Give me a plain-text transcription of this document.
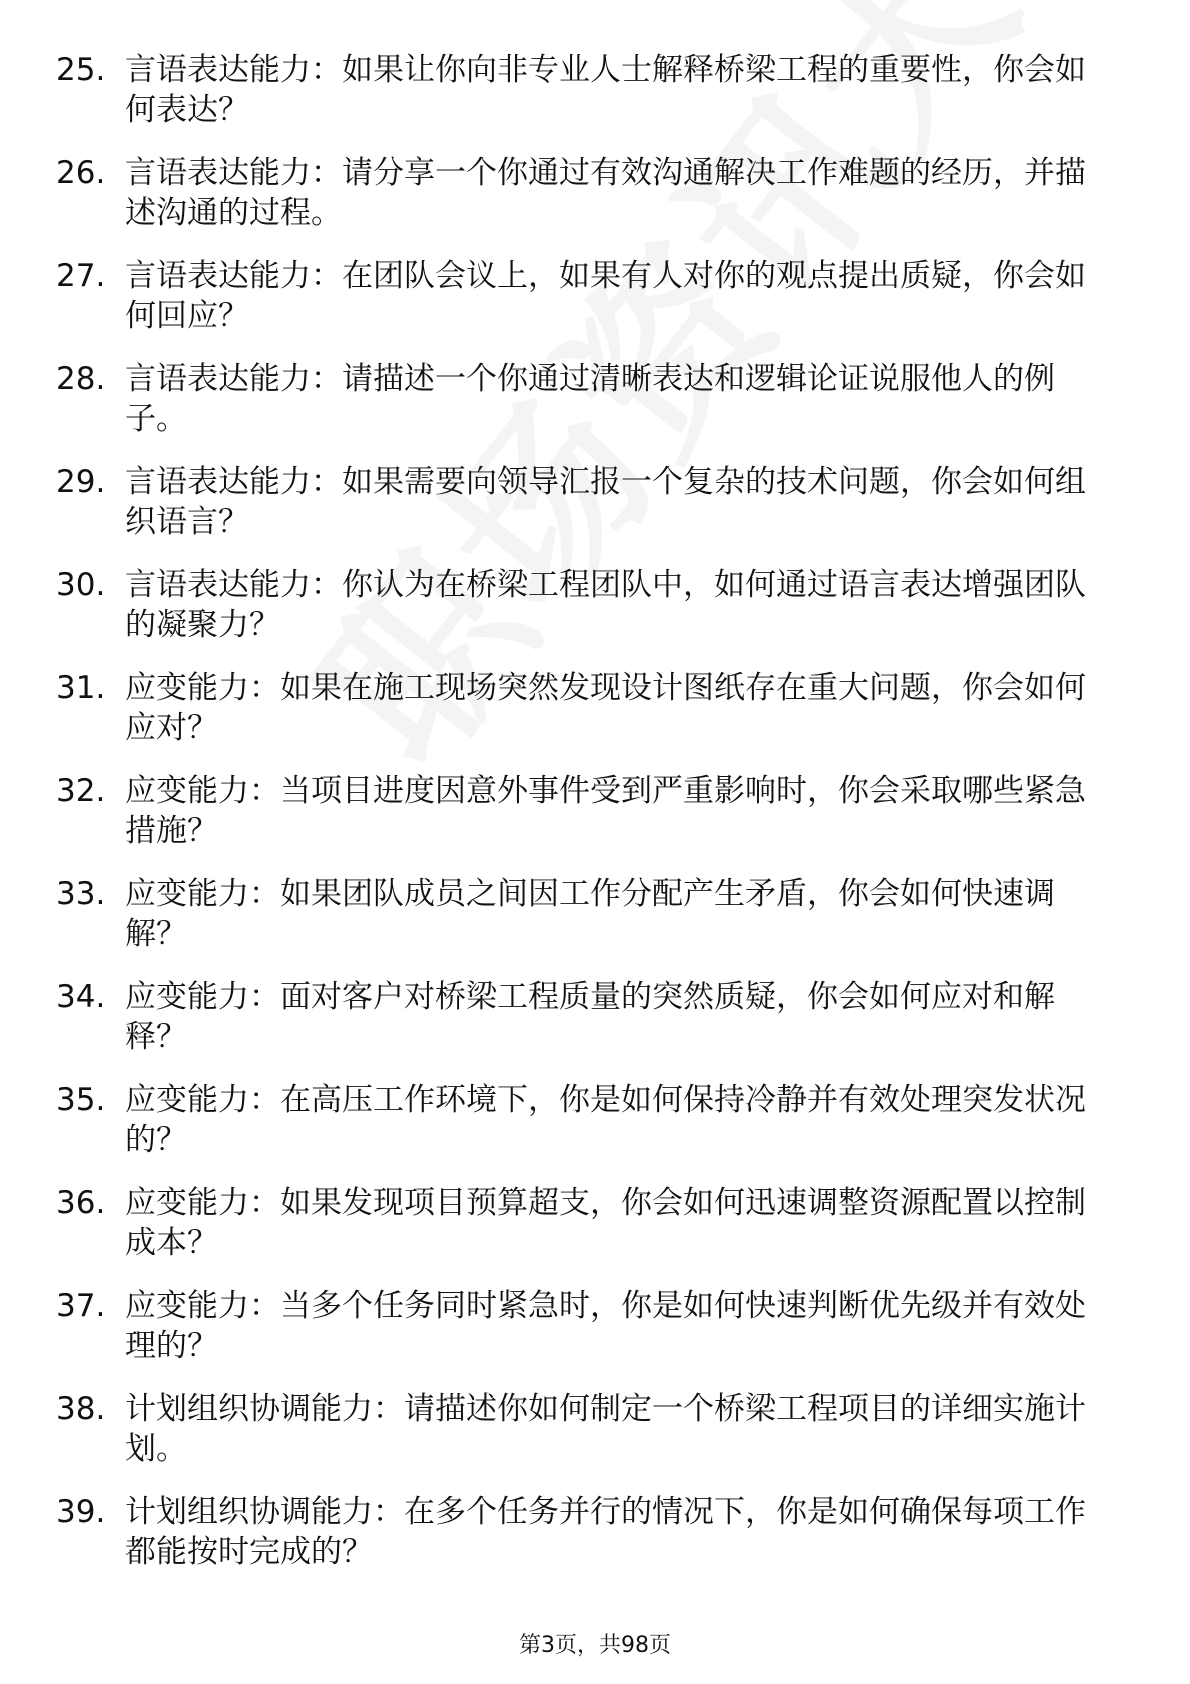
25. 言语表达能力：如果让你向非专业人士解释桥梁工程的重要性，你会如何表达？
26. 言语表达能力：请分享一个你通过有效沟通解决工作难题的经历，并描述沟通的过程。
27. 言语表达能力：在团队会议上，如果有人对你的观点提出质疑，你会如何回应？
28. 言语表达能力：请描述一个你通过清晰表达和逻辑论证说服他人的例子。
29. 言语表达能力：如果需要向领导汇报一个复杂的技术问题，你会如何组织语言？
30. 言语表达能力：你认为在桥梁工程团队中，如何通过语言表达增强团队的凝聚力？
31. 应变能力：如果在施工现场突然发现设计图纸存在重大问题，你会如何应对？
32. 应变能力：当项目进度因意外事件受到严重影响时，你会采取哪些紧急措施？
33. 应变能力：如果团队成员之间因工作分配产生矛盾，你会如何快速调解？
34. 应变能力：面对客户对桥梁工程质量的突然质疑，你会如何应对和解释？
35. 应变能力：在高压工作环境下，你是如何保持冷静并有效处理突发状况的？
36. 应变能力：如果发现项目预算超支，你会如何迅速调整资源配置以控制成本？
37. 应变能力：当多个任务同时紧急时，你是如何快速判断优先级并有效处理的？
38. 计划组织协调能力：请描述你如何制定一个桥梁工程项目的详细实施计划。
39. 计划组织协调能力：在多个任务并行的情况下，你是如何确保每项工作都能按时完成的？
第3页，共98页
